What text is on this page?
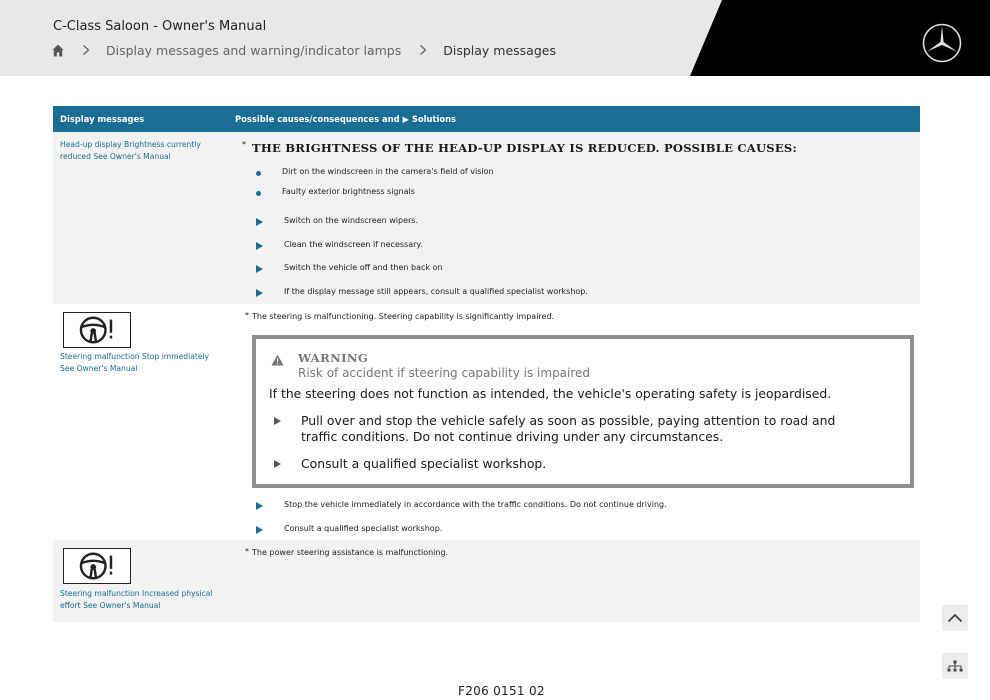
C-Class Saloon - Owner's Manual
Display messages and warning/indicator lamps	Display messages
Display messages	Possible causes/consequences and ▶ Solutions
Head-up display Brightness currently reduced See Owner's Manual
* THE BRIGHTNESS OF THE HEAD-UP DISPLAY IS REDUCED. POSSIBLE CAUSES:
Dirt on the windscreen in the camera's field of vision
Faulty exterior brightness signals
Switch on the windscreen wipers.
Clean the windscreen if necessary.
Switch the vehicle off and then back on
If the display message still appears, consult a qualified specialist workshop.
Steering malfunction Stop immediately See Owner's Manual
* The steering is malfunctioning. Steering capability is significantly impaired.
WARNING
Risk of accident if steering capability is impaired
If the steering does not function as intended, the vehicle's operating safety is jeopardised.
Pull over and stop the vehicle safely as soon as possible, paying attention to road and traffic conditions. Do not continue driving under any circumstances.
Consult a qualified specialist workshop.
Stop the vehicle immediately in accordance with the traffic conditions. Do not continue driving.
Consult a qualified specialist workshop.
Steering malfunction Increased physical effort See Owner's Manual
* The power steering assistance is malfunctioning.
F206 0151 02
